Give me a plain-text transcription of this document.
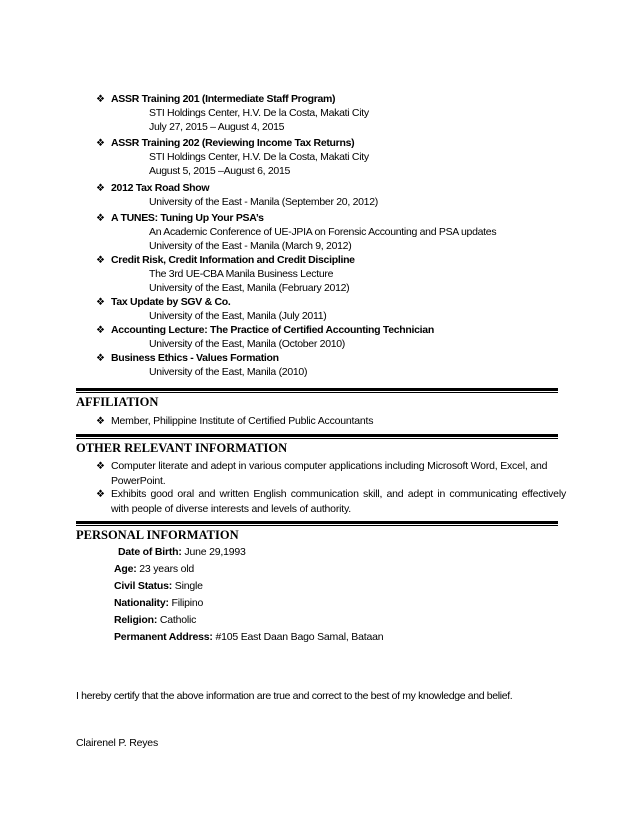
❖ ASSR Training 201 (Intermediate Staff Program)
STI Holdings Center, H.V. De la Costa, Makati City
July 27, 2015 – August 4, 2015
❖ ASSR Training 202 (Reviewing Income Tax Returns)
STI Holdings Center, H.V. De la Costa, Makati City
August 5, 2015 –August 6, 2015
❖ 2012 Tax Road Show
University of the East - Manila (September 20, 2012)
❖ A TUNES: Tuning Up Your PSA’s
An Academic Conference of UE-JPIA on Forensic Accounting and PSA updates
University of the East - Manila (March 9, 2012)
❖ Credit Risk, Credit Information and Credit Discipline
The 3rd UE-CBA Manila Business Lecture
University of the East, Manila (February 2012)
❖ Tax Update by SGV & Co.
University of the East, Manila (July 2011)
❖ Accounting Lecture: The Practice of Certified Accounting Technician
University of the East, Manila (October 2010)
❖ Business Ethics - Values Formation
University of the East, Manila (2010)
AFFILIATION
❖ Member, Philippine Institute of Certified Public Accountants
OTHER RELEVANT INFORMATION
❖ Computer literate and adept in various computer applications including Microsoft Word, Excel, and PowerPoint.
❖ Exhibits good oral and written English communication skill, and adept in communicating effectively with people of diverse interests and levels of authority.
PERSONAL INFORMATION
Date of Birth: June 29,1993
Age: 23 years old
Civil Status: Single
Nationality: Filipino
Religion: Catholic
Permanent Address: #105 East Daan Bago Samal, Bataan
I hereby certify that the above information are true and correct to the best of my knowledge and belief.
Clairenel P. Reyes
